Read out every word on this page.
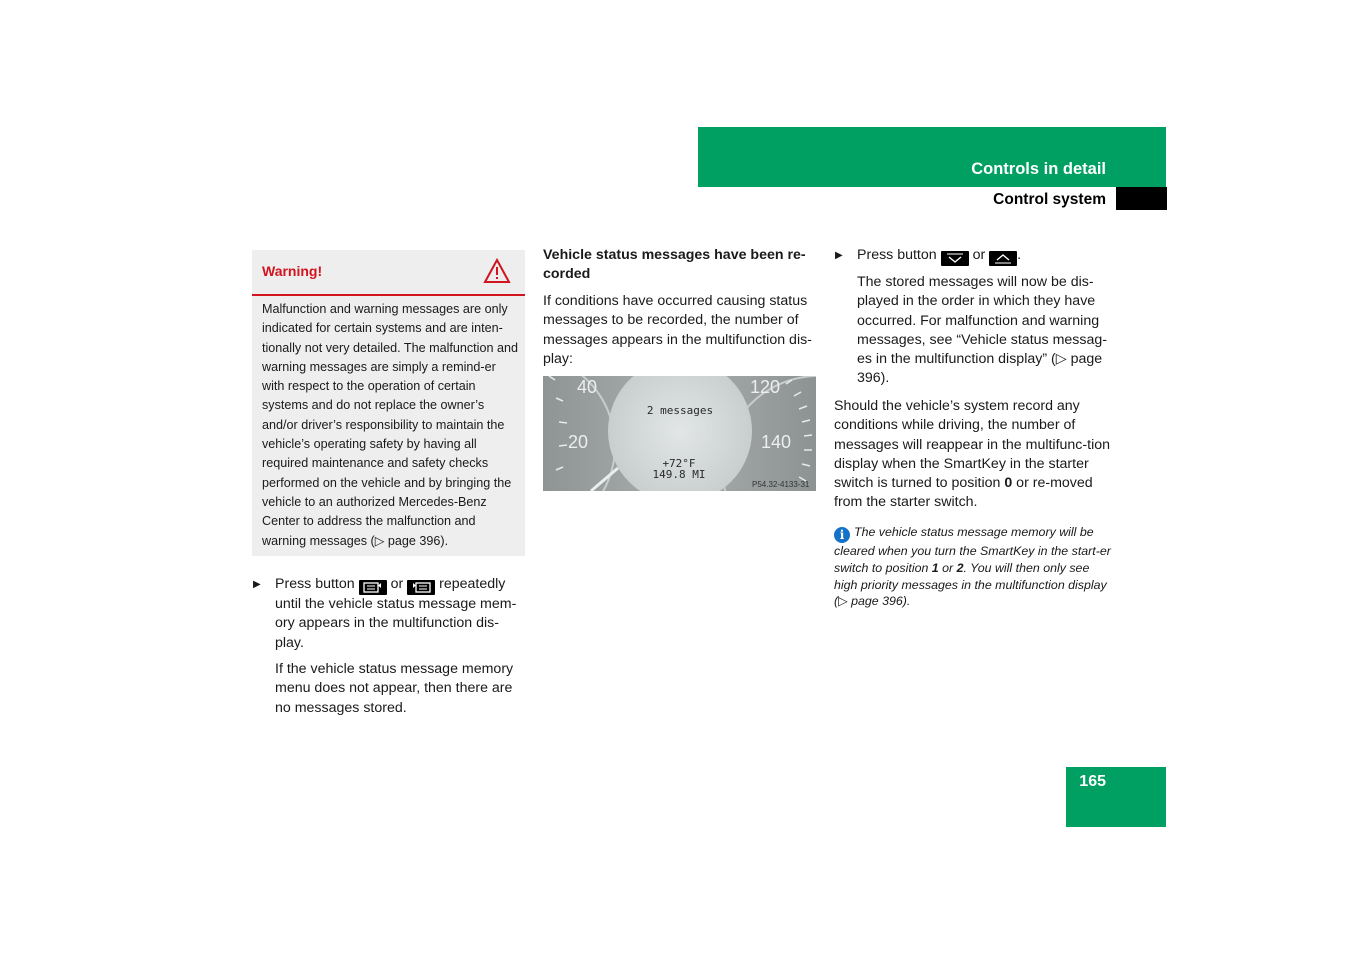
Controls in detail
Control system
Warning!
Malfunction and warning messages are only indicated for certain systems and are inten-tionally not very detailed. The malfunction and warning messages are simply a remind-er with respect to the operation of certain systems and do not replace the owner’s and/or driver’s responsibility to maintain the vehicle’s operating safety by having all required maintenance and safety checks performed on the vehicle and by bringing the vehicle to an authorized Mercedes-Benz Center to address the malfunction and warning messages (▷ page 396).
▶ Press button	or	repeatedly until the vehicle status message mem-ory appears in the multifunction dis-play.
If the vehicle status message memory menu does not appear, then there are no messages stored.
Vehicle status messages have been re-corded
If conditions have occurred causing status messages to be recorded, the number of messages appears in the multifunction dis-play:
40
20
120
140
2 messages
+72°F
149.8 MI
P54.32-4133-31
▶ Press button	or .
The stored messages will now be dis-played in the order in which they have occurred. For malfunction and warning messages, see “Vehicle status messag-es in the multifunction display” (▷ page 396).
Should the vehicle’s system record any conditions while driving, the number of messages will reappear in the multifunc-tion display when the SmartKey in the starter switch is turned to position 0 or re-moved from the starter switch.
i The vehicle status message memory will be cleared when you turn the SmartKey in the start-er switch to position 1 or 2. You will then only see high priority messages in the multifunction display (▷ page 396).
165
